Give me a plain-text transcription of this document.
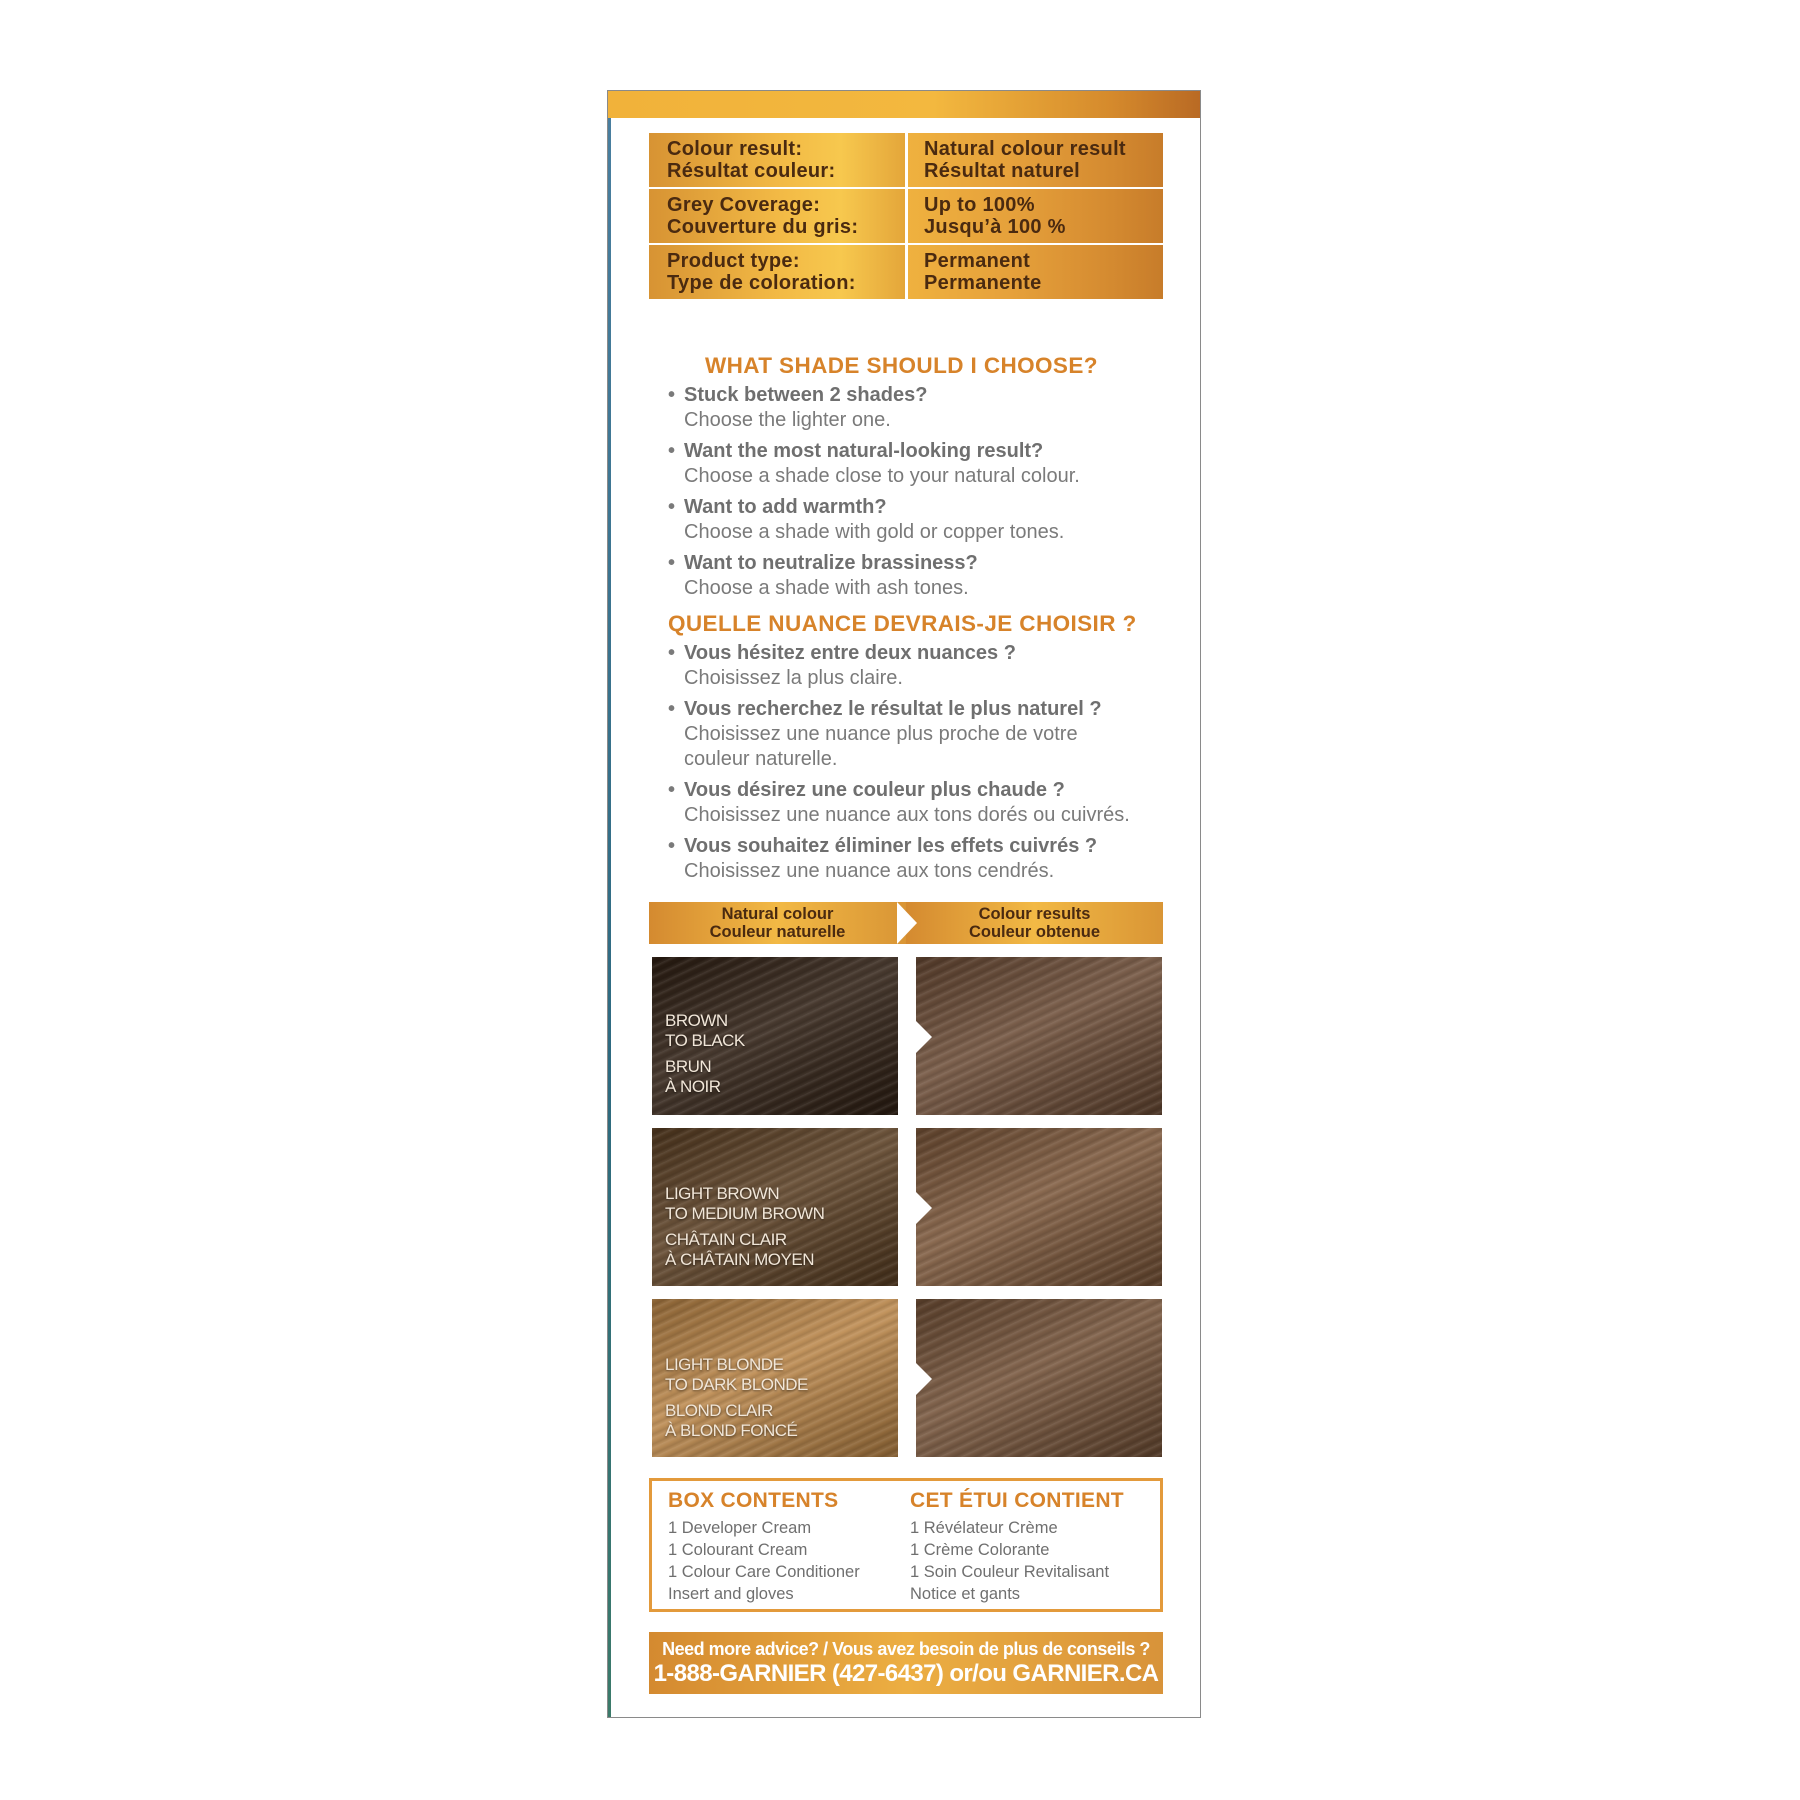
Colour result:
Résultat couleur:
Natural colour result
Résultat naturel
Grey Coverage:
Couverture du gris:
Up to 100%
Jusqu’à 100 %
Product type:
Type de coloration:
Permanent
Permanente
WHAT SHADE SHOULD I CHOOSE?
• Stuck between 2 shades?
Choose the lighter one.
• Want the most natural-looking result?
Choose a shade close to your natural colour.
• Want to add warmth?
Choose a shade with gold or copper tones.
• Want to neutralize brassiness?
Choose a shade with ash tones.
QUELLE NUANCE DEVRAIS-JE CHOISIR ?
• Vous hésitez entre deux nuances ?
Choisissez la plus claire.
• Vous recherchez le résultat le plus naturel ?
Choisissez une nuance plus proche de votre
couleur naturelle.
• Vous désirez une couleur plus chaude ?
Choisissez une nuance aux tons dorés ou cuivrés.
• Vous souhaitez éliminer les effets cuivrés ?
Choisissez une nuance aux tons cendrés.
Natural colour
Couleur naturelle
Colour results
Couleur obtenue
BROWN
TO BLACK
BRUN
À NOIR
LIGHT BROWN
TO MEDIUM BROWN
CHÂTAIN CLAIR
À CHÂTAIN MOYEN
LIGHT BLONDE
TO DARK BLONDE
BLOND CLAIR
À BLOND FONCÉ
BOX CONTENTS
1 Developer Cream
1 Colourant Cream
1 Colour Care Conditioner
Insert and gloves
CET ÉTUI CONTIENT
1 Révélateur Crème
1 Crème Colorante
1 Soin Couleur Revitalisant
Notice et gants
Need more advice? / Vous avez besoin de plus de conseils ?
1-888-GARNIER (427-6437) or/ou GARNIER.CA
